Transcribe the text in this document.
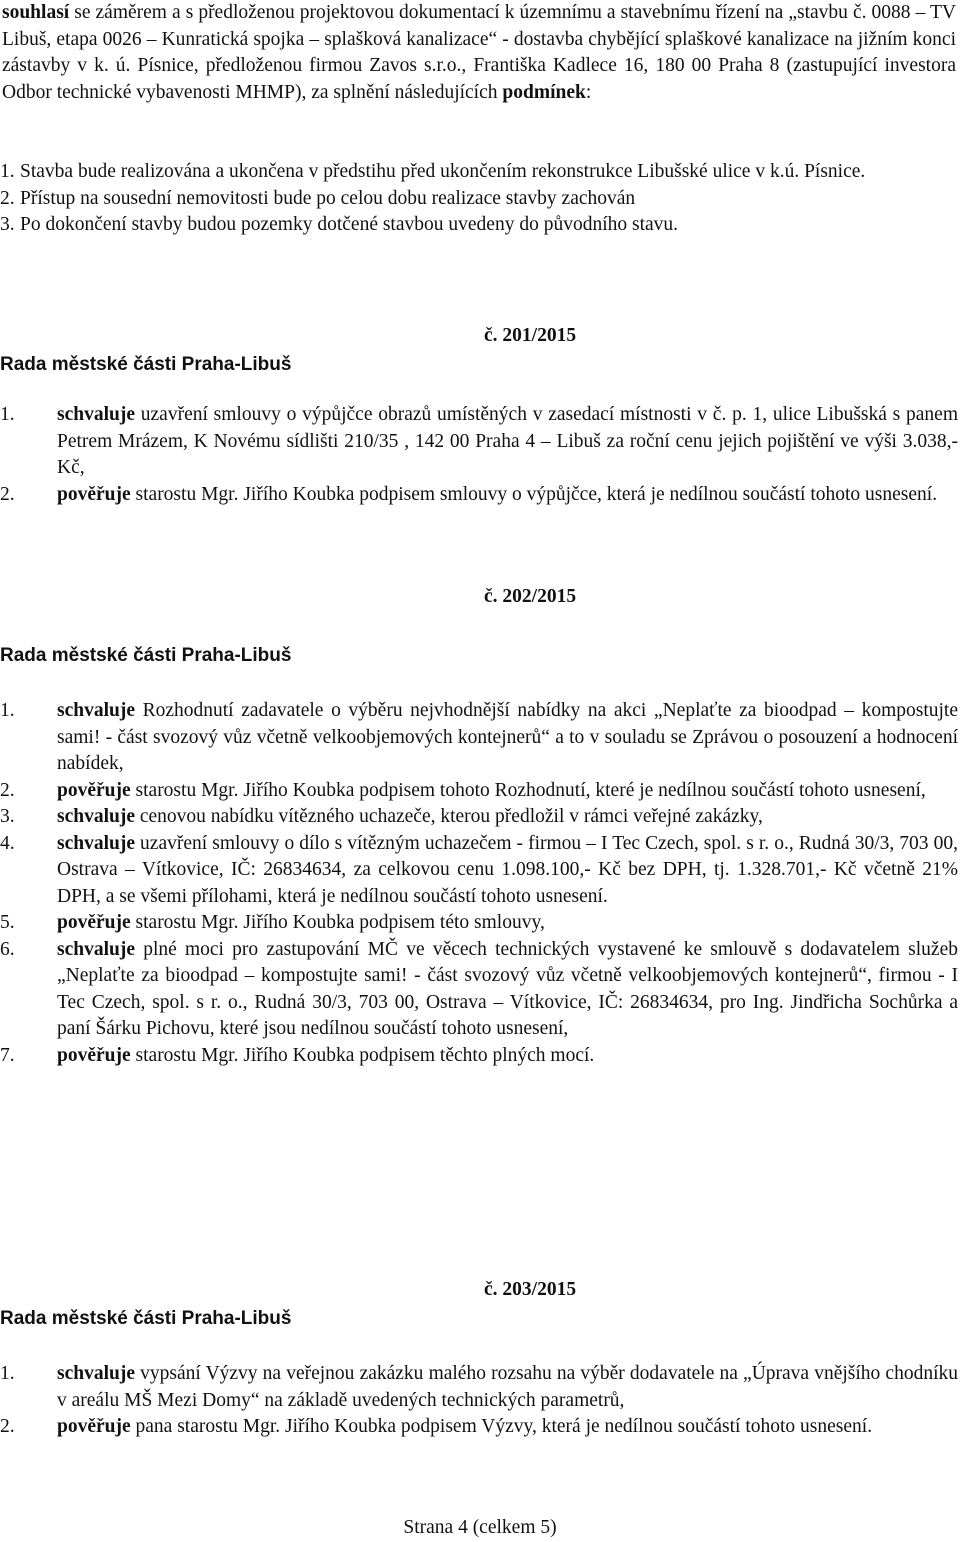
souhlasí se záměrem a s předloženou projektovou dokumentací k územnímu a stavebnímu řízení na „stavbu č. 0088 – TV Libuš, etapa 0026 – Kunratická spojka – splašková kanalizace“ - dostavba chybějící splaškové kanalizace na jižním konci zástavby v k. ú. Písnice, předloženou firmou Zavos s.r.o., Františka Kadlece 16, 180 00 Praha 8 (zastupující investora Odbor technické vybavenosti MHMP), za splnění následujících podmínek:

1. Stavba bude realizována a ukončena v předstihu před ukončením rekonstrukce Libušské ulice v k.ú. Písnice.
2. Přístup na sousední nemovitosti bude po celou dobu realizace stavby zachován
3. Po dokončení stavby budou pozemky dotčené stavbou uvedeny do původního stavu.

č. 201/2015

Rada městské části Praha-Libuš

1.	schvaluje uzavření smlouvy o výpůjčce obrazů umístěných v zasedací místnosti v č. p. 1, ulice Libušská s panem Petrem Mrázem, K Novému sídlišti 210/35 , 142 00 Praha 4 – Libuš za roční cenu jejich pojištění ve výši 3.038,- Kč,
2.	pověřuje starostu Mgr. Jiřího Koubka podpisem smlouvy o výpůjčce, která je nedílnou součástí tohoto usnesení.

č. 202/2015

Rada městské části Praha-Libuš

1.	schvaluje Rozhodnutí zadavatele o výběru nejvhodnější nabídky na akci „Neplaťte za bioodpad – kompostujte sami! - část svozový vůz včetně velkoobjemových kontejnerů“ a to v souladu se Zprávou o posouzení a hodnocení nabídek,
2.	pověřuje starostu Mgr. Jiřího Koubka podpisem tohoto Rozhodnutí, které je nedílnou součástí tohoto usnesení,
3.	schvaluje cenovou nabídku vítězného uchazeče, kterou předložil v rámci veřejné zakázky,
4.	schvaluje uzavření smlouvy o dílo s vítězným uchazečem - firmou – I Tec Czech, spol. s r. o., Rudná 30/3, 703 00, Ostrava – Vítkovice, IČ: 26834634, za celkovou cenu 1.098.100,- Kč bez DPH, tj. 1.328.701,- Kč včetně 21% DPH, a se všemi přílohami, která je nedílnou součástí tohoto usnesení.
5.	pověřuje starostu Mgr. Jiřího Koubka podpisem této smlouvy,
6.	schvaluje plné moci pro zastupování MČ ve věcech technických vystavené ke smlouvě s dodavatelem služeb „Neplaťte za bioodpad – kompostujte sami! - část svozový vůz včetně velkoobjemových kontejnerů“, firmou - I Tec Czech, spol. s r. o., Rudná 30/3, 703 00, Ostrava – Vítkovice, IČ: 26834634, pro Ing. Jindřicha Sochůrka a paní Šárku Pichovu, které jsou nedílnou součástí tohoto usnesení,
7.	pověřuje starostu Mgr. Jiřího Koubka podpisem těchto plných mocí.

č. 203/2015

Rada městské části Praha-Libuš

1.	schvaluje vypsání Výzvy na veřejnou zakázku malého rozsahu na výběr dodavatele na „Úprava vnějšího chodníku v areálu MŠ Mezi Domy“ na základě uvedených technických parametrů,
2.	pověřuje pana starostu Mgr. Jiřího Koubka podpisem Výzvy, která je nedílnou součástí tohoto usnesení.

Strana 4 (celkem 5)
